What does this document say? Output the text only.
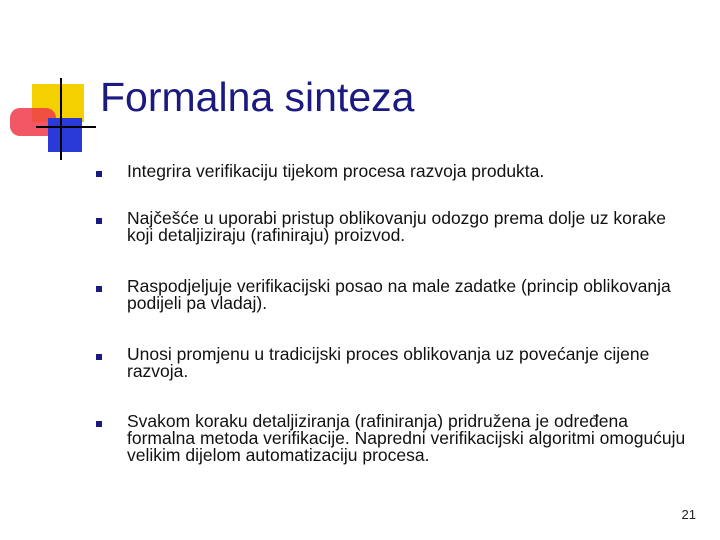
Formalna sinteza
Integrira verifikaciju tijekom procesa razvoja produkta.
Najčešće u uporabi pristup oblikovanju odozgo prema dolje uz korake koji detaljiziraju (rafiniraju) proizvod.
Raspodjeljuje verifikacijski posao na male zadatke (princip oblikovanja podijeli pa vladaj).
Unosi promjenu u tradicijski proces oblikovanja uz povećanje cijene razvoja.
Svakom koraku detaljiziranja (rafiniranja) pridružena je određena formalna metoda verifikacije. Napredni verifikacijski algoritmi omogućuju velikim dijelom automatizaciju procesa.
21
